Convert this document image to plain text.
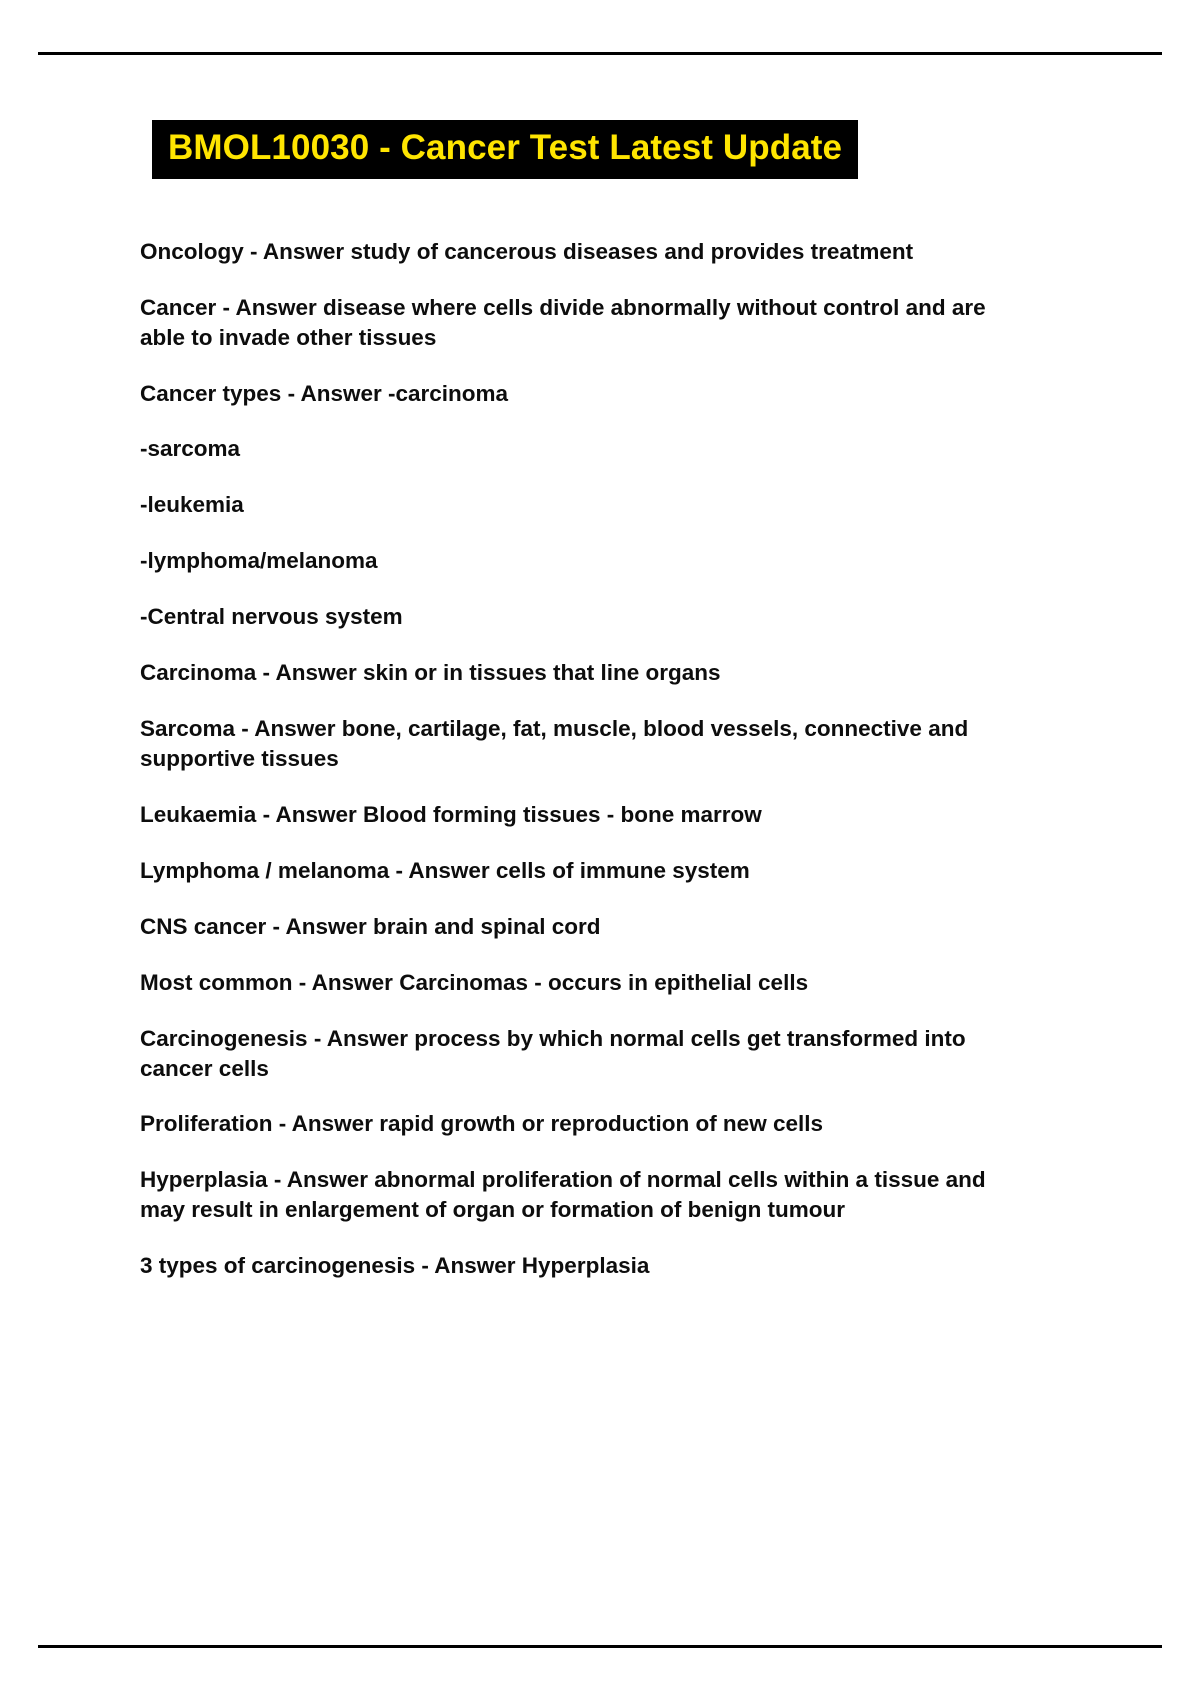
BMOL10030 - Cancer Test Latest Update

Oncology - Answer study of cancerous diseases and provides treatment

Cancer - Answer disease where cells divide abnormally without control and are able to invade other tissues

Cancer types - Answer -carcinoma

-sarcoma

-leukemia

-lymphoma/melanoma

-Central nervous system

Carcinoma - Answer skin or in tissues that line organs

Sarcoma - Answer bone, cartilage, fat, muscle, blood vessels, connective and supportive tissues

Leukaemia - Answer Blood forming tissues - bone marrow

Lymphoma / melanoma - Answer cells of immune system

CNS cancer - Answer brain and spinal cord

Most common - Answer Carcinomas - occurs in epithelial cells

Carcinogenesis - Answer process by which normal cells get transformed into cancer cells

Proliferation - Answer rapid growth or reproduction of new cells

Hyperplasia - Answer abnormal proliferation of normal cells within a tissue and may result in enlargement of organ or formation of benign tumour

3 types of carcinogenesis - Answer Hyperplasia
